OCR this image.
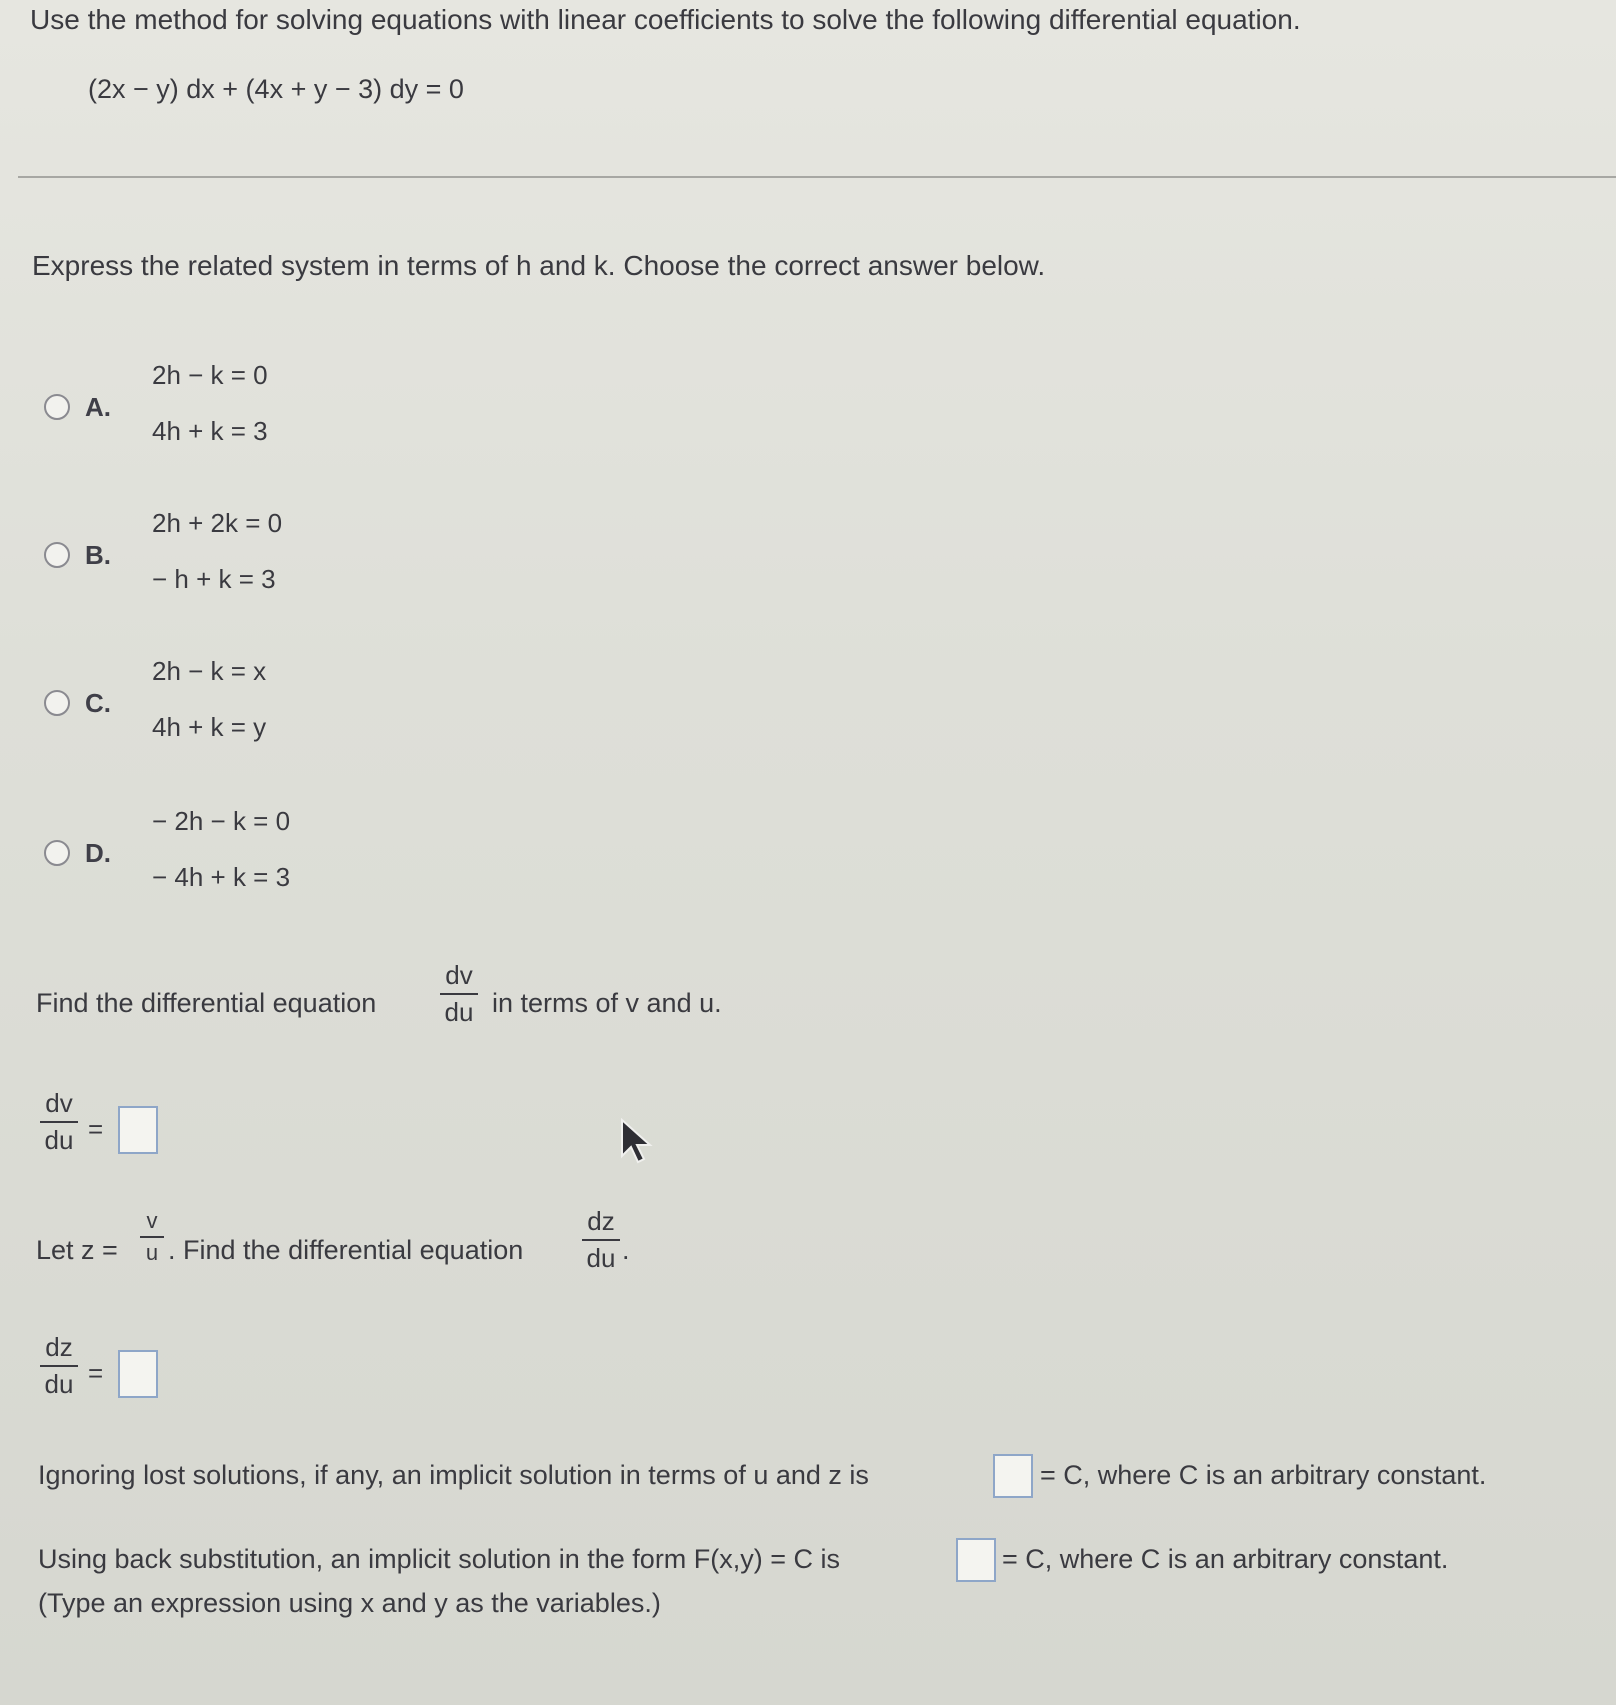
Use the method for solving equations with linear coefficients to solve the following differential equation.
(2x − y) dx + (4x + y − 3) dy = 0
Express the related system in terms of h and k. Choose the correct answer below.
A.
2h − k = 0
4h + k = 3
B.
2h + 2k = 0
− h + k = 3
C.
2h − k = x
4h + k = y
D.
− 2h − k = 0
− 4h + k = 3
Find the differential equation
dv
du in terms of v and u.
dv
du =
Let z =
v
u . Find the differential equation
dz
du .
dz
du =
Ignoring lost solutions, if any, an implicit solution in terms of u and z is	= C, where C is an arbitrary constant.
Using back substitution, an implicit solution in the form F(x,y) = C is	= C, where C is an arbitrary constant.
(Type an expression using x and y as the variables.)
